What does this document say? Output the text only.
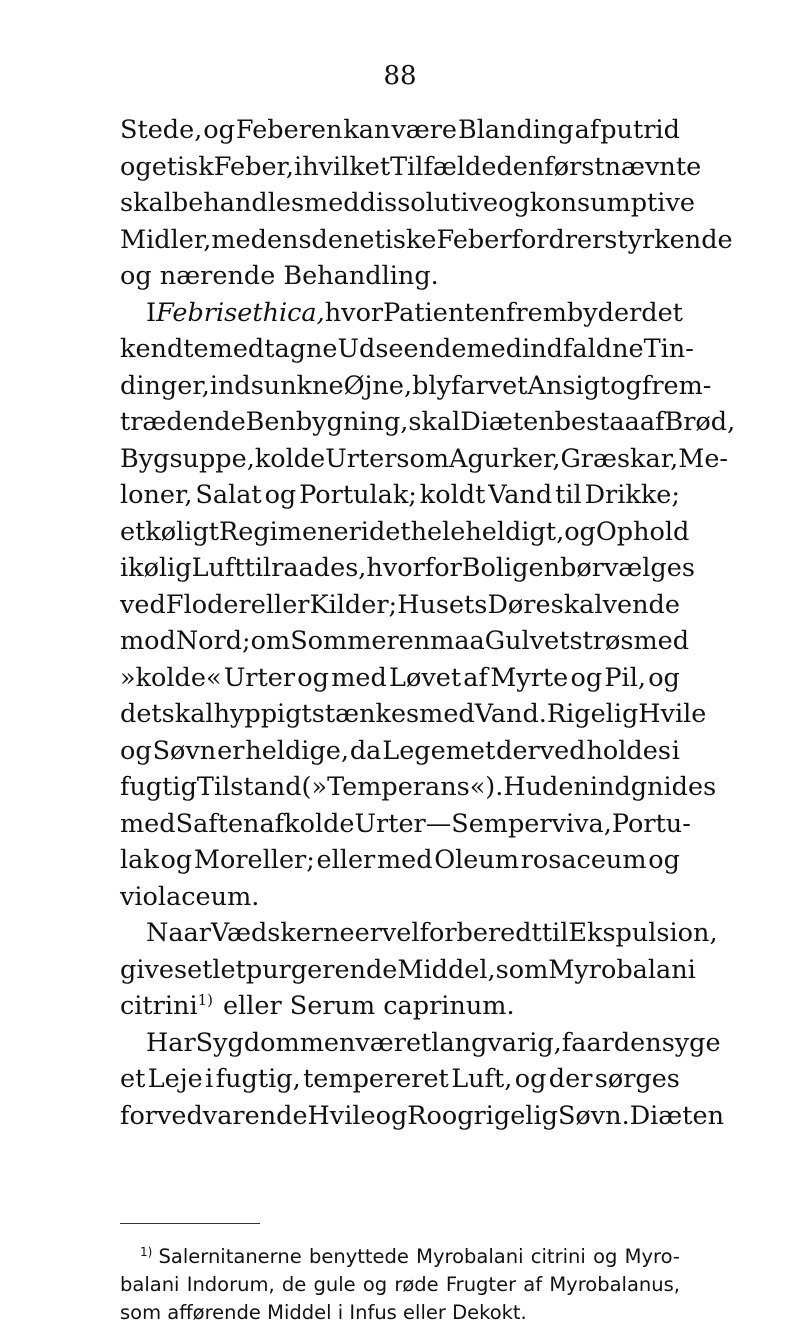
88
Stede, og Feberen kan være Blanding af putrid
og etisk Feber, i hvilket Tilfælde den førstnævnte
skal behandles med dissolutive og konsumptive
Midler, medens den etiske Feber fordrer styrkende
og nærende Behandling.
I Febris ethica, hvor Patienten frembyder det
kendte medtagne Udseende med indfaldne Tin-
dinger, indsunkne Øjne, blyfarvet Ansigt og frem-
trædende Benbygning, skal Diæten bestaa af Brød,
Bygsuppe, kolde Urter som Agurker, Græskar, Me-
loner, Salat og Portulak; koldt Vand til Drikke;
et køligt Regimen er i det hele heldigt, og Ophold
i kølig Luft tilraades, hvorfor Boligen bør vælges
ved Floder eller Kilder; Husets Døre skal vende
mod Nord; om Sommeren maa Gulvet strøs med
»kolde« Urter og med Løvet af Myrte og Pil, og
det skal hyppigt stænkes med Vand. Rigelig Hvile
og Søvn er heldige, da Legemet derved holdes i
fugtig Tilstand (»Temperans«). Huden indgnides
med Saften af kolde Urter — Semperviva, Portu-
lak og Moreller; eller med Oleum rosaceum og
violaceum.
Naar Vædskerne er vel forberedt til Ekspulsion,
gives et let purgerende Middel, som Myrobalani
citrini$^{1)}$ eller Serum caprinum.
Har Sygdommen været langvarig, faar den syge
et Leje i fugtig, tempereret Luft, og der sørges
for vedvarende Hvile og Ro og rigelig Søvn. Diæten
$^{1)}$ Salernitanerne benyttede Myrobalani citrini og Myro-
balani Indorum, de gule og røde Frugter af Myrobalanus,
som afførende Middel i Infus eller Dekokt.
